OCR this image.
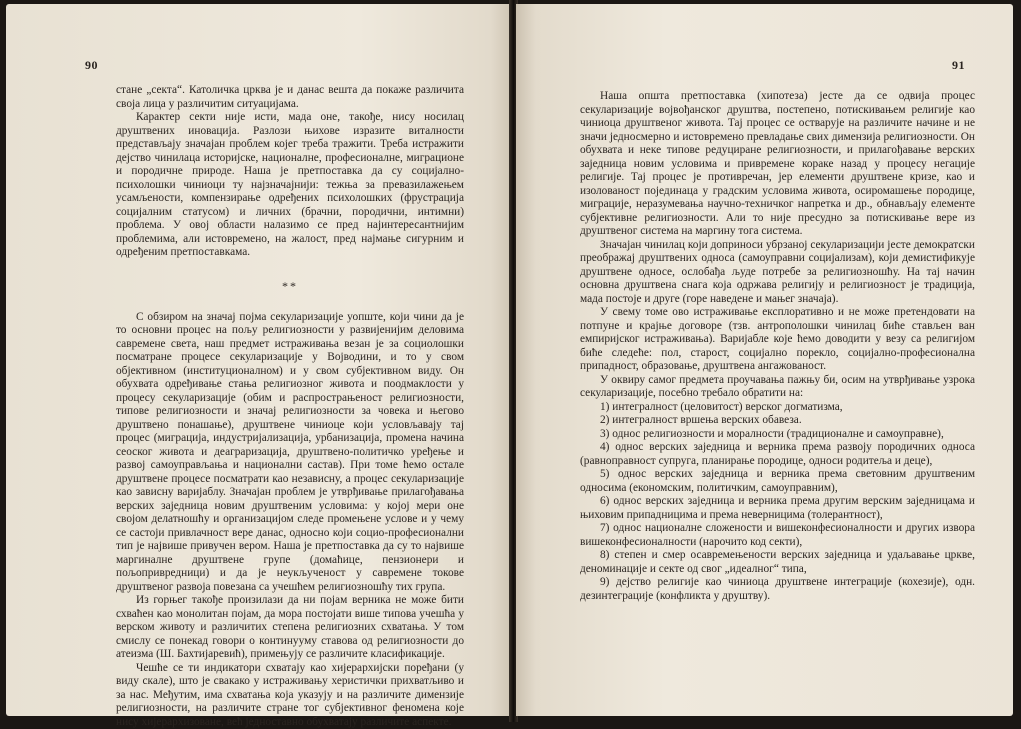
90

стане „секта“. Католичка црква је и данас вешта да покаже различита своја лица у различитим ситуацијама.

Карактер секти није исти, мада оне, такође, нису носилац друштвених иновација. Разлози њихове изразите виталности представљају значајан проблем којег треба тражити. Треба истражити дејство чинилаца историјске, националне, професионалне, миграционе и породичне природе. Наша је претпоставка да су социјално-психолошки чиниоци ту најзначајнији: тежња за превазилажењем усамљености, компензирање одређених психолошких (фрустрација социјалним статусом) и личних (брачни, породични, интимни) проблема. У овој области налазимо се пред најинтересантнијим проблемима, али истовремено, на жалост, пред најмање сигурним и одређеним претпоставкама.

**

С обзиром на значај појма секуларизације уопште, који чини да је то основни процес на пољу религиозности у развијенијим деловима савремене света, наш предмет истраживања везан је за социолошки посматране процесе секуларизације у Војводини, и то у свом објективном (институционалном) и у свом субјективном виду. Он обухвата одређивање стања религиозног живота и поодмаклости у процесу секуларизације (обим и распрострањеност религиозности, типове религиозности и значај религиозности за човека и његово друштвено понашање), друштвене чиниоце који условљавају тај процес (миграција, индустријализација, урбанизација, промена начина сеоског живота и деаграризација, друштвено-политичко уређење и развој самоуправљања и национални састав). При томе ћемо остале друштвене процесе посматрати као независну, а процес секуларизације као зависну варијаблу. Значајан проблем је утврђивање прилагођавања верских заједница новим друштвеним условима: у којој мери оне својом делатношћу и организацијом следе промењене услове и у чему се састоји привлачност вере данас, односно који социо-професионални тип је највише привучен вером. Наша је претпоставка да су то највише маргиналне друштвене групе (домаћице, пензионери и пољопривредници) и да је неукљученост у савремене токове друштвеног развоја повезана са учешћем религиозношћу тих група.

Из горњег такође произилази да ни појам верника не може бити схваћен као монолитан појам, да мора постојати више типова учешћа у верском животу и различитих степена религиозних схватања. У том смислу се понекад говори о континууму ставова од религиозности до атеизма (Ш. Бахтијаревић), примењују се различите класификације.

Чешће се ти индикатори схватају као хијерархијски поређани (у виду скале), што је свакако у истраживању херистички прихватљиво и за нас. Међутим, има схватања која указују и на различите димензије религиозности, на различите стране тог субјективног феномена које нису хијерархизоване, већ једноставно обухватају различите аспекте.

91

Наша општа претпоставка (хипотеза) јесте да се одвија процес секуларизације војвођанског друштва, постепено, потискивањем религије као чиниоца друштвеног живота. Тај процес се остварује на различите начине и не значи једносмерно и истовремено превладање свих димензија религиозности. Он обухвата и неке типове редуциране религиозности, и прилагођавање верских заједница новим условима и привремене кораке назад у процесу негације религије. Тај процес је противречан, јер елементи друштвене кризе, као и изолованост појединаца у градским условима живота, осиромашење породице, миграције, неразумевања научно-техничког напретка и др., обнављају елементе субјективне религиозности. Али то није пресудно за потискивање вере из друштвеног система на маргину тога система.

Значајан чинилац који доприноси убрзаној секуларизацији јесте демократски преображај друштвених односа (самоуправни социјализам), који демистификује друштвене односе, ослобађа људе потребе за религиозношћу. На тај начин основна друштвена снага која одржава религију и религиозност је традиција, мада постоје и друге (горе наведене и мањег значаја).

У свему томе ово истраживање експлоративно и не може претендовати на потпуне и крајње договоре (тзв. антрополошки чинилац биће стављен ван емпиријског истраживања). Варијабле које ћемо доводити у везу са религијом биће следеће: пол, старост, социјално порекло, социјално-професионална припадност, образовање, друштвена ангажованост.

У оквиру самог предмета проучавања пажњу би, осим на утврђивање узрока секуларизације, посебно требало обратити на:

1) интегралност (целовитост) верског догматизма,

2) интегралност вршења верских обавеза.

3) однос религиозности и моралности (традиционалне и самоуправне),

4) однос верских заједница и верника према развоју породичних односа (равноправност супруга, планирање породице, односи родитеља и деце),

5) однос верских заједница и верника према световним друштвеним односима (економским, политичким, самоуправним),

6) однос верских заједница и верника према другим верским заједницама и њиховим припадницима и према неверницима (толерантност),

7) однос националне сложености и вишеконфесионалности и других извора вишеконфесионалности (нарочито код секти),

8) степен и смер осавремењености верских заједница и удаљавање цркве, деноминације и секте од свог „идеалног“ типа,

9) дејство религије као чиниоца друштвене интеграције (кохезије), одн. дезинтеграције (конфликта у друштву).
